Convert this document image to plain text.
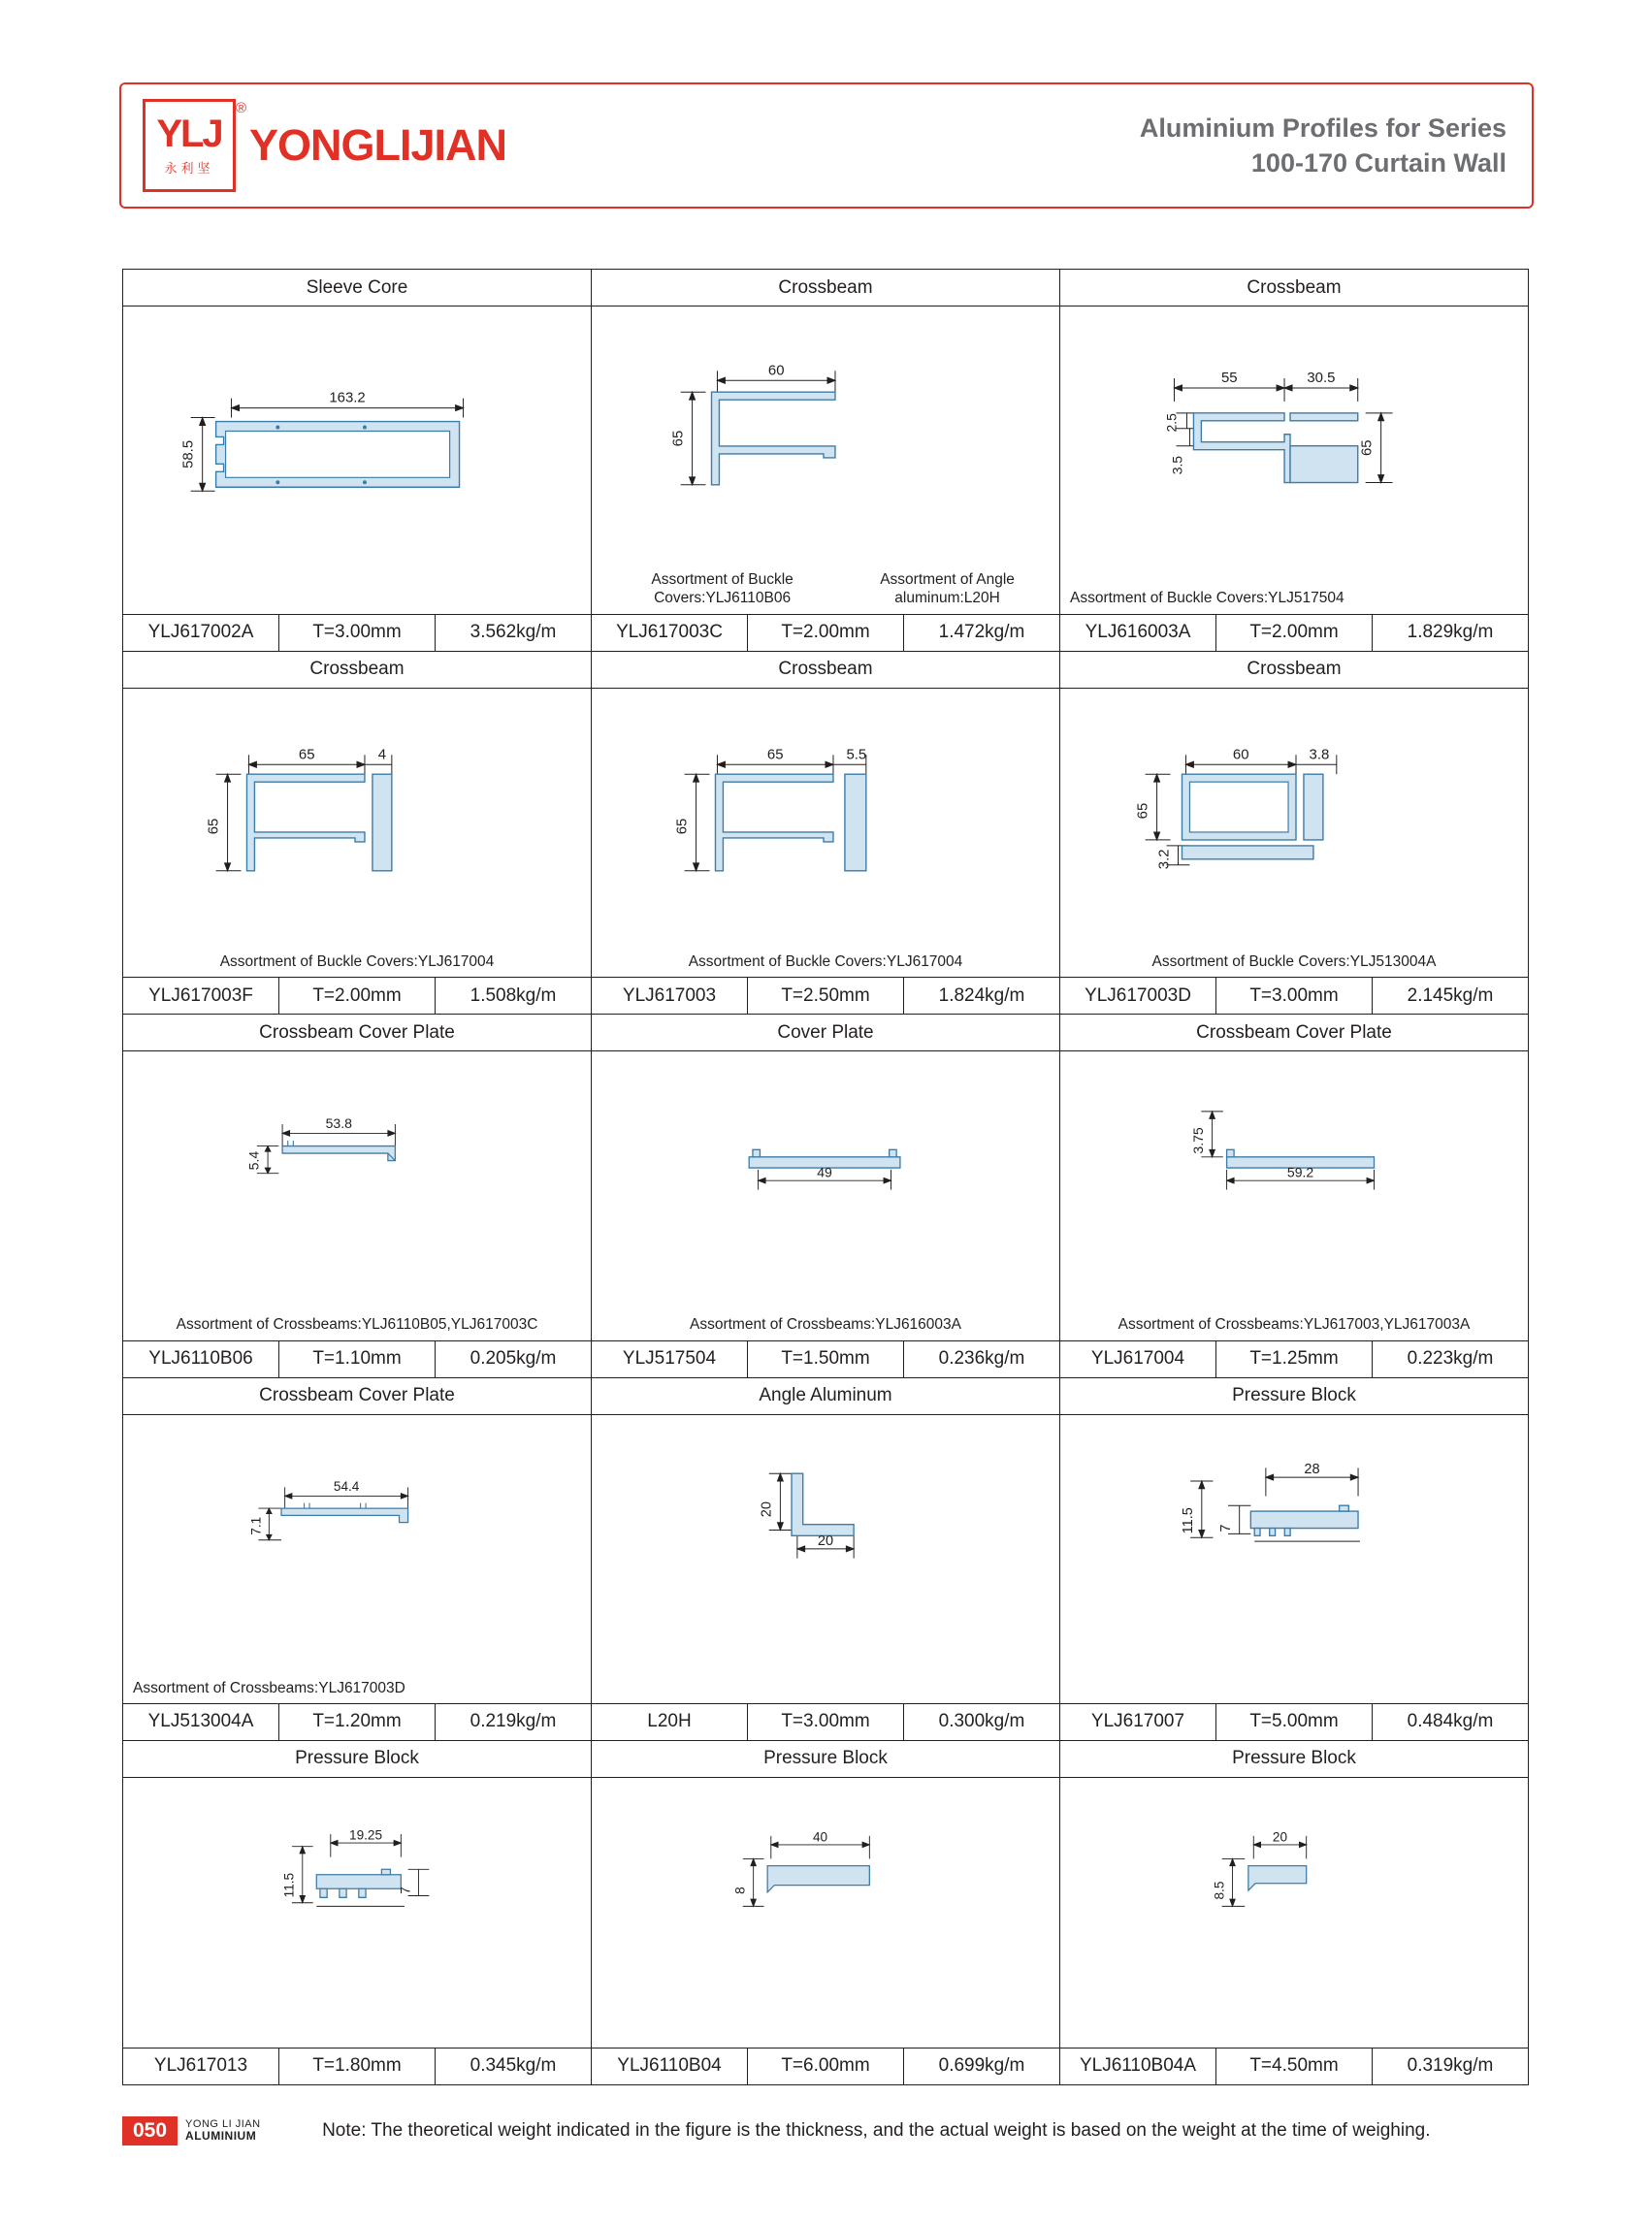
®
YLJ
永利坚 YONGLIJIAN	Aluminium Profiles for Series
100-170 Curtain Wall
Sleeve Core
163.2
58.5
YLJ617002A	T=3.00mm	3.562kg/m
Crossbeam
60
65
Assortment of Buckle Covers:YLJ6110B06
Assortment of Angle aluminum:L20H
YLJ617003C	T=2.00mm	1.472kg/m
Crossbeam
55	30.5
2.5
3.5
65
Assortment of Buckle Covers:YLJ517504
YLJ616003A	T=2.00mm	1.829kg/m
Crossbeam
65	4
65
Assortment of Buckle Covers:YLJ617004
YLJ617003F	T=2.00mm	1.508kg/m
Crossbeam
65	5.5
65
Assortment of Buckle Covers:YLJ617004
YLJ617003	T=2.50mm	1.824kg/m
Crossbeam
60	3.8
65
3.2
Assortment of Buckle Covers:YLJ513004A
YLJ617003D	T=3.00mm	2.145kg/m
Crossbeam Cover Plate
53.8
5.4
Assortment of Crossbeams:YLJ6110B05,YLJ617003C
YLJ6110B06	T=1.10mm	0.205kg/m
Cover Plate
49
Assortment of Crossbeams:YLJ616003A
YLJ517504	T=1.50mm	0.236kg/m
Crossbeam Cover Plate
3.75
59.2
Assortment of Crossbeams:YLJ617003,YLJ617003A
YLJ617004	T=1.25mm	0.223kg/m
Crossbeam Cover Plate
54.4
7.1
Assortment of Crossbeams:YLJ617003D
YLJ513004A	T=1.20mm	0.219kg/m
Angle Aluminum
20
20
L20H	T=3.00mm	0.300kg/m
Pressure Block
11.5 7
28
YLJ617007	T=5.00mm	0.484kg/m
Pressure Block
11.5
19.25
7
YLJ617013	T=1.80mm	0.345kg/m
Pressure Block
40
8
YLJ6110B04	T=6.00mm	0.699kg/m
Pressure Block
20
8.5
YLJ6110B04A	T=4.50mm	0.319kg/m
050	YONG LI JIAN
ALUMINIUM	Note: The theoretical weight indicated in the figure is the thickness, and the actual weight is based on the weight at the time of weighing.
